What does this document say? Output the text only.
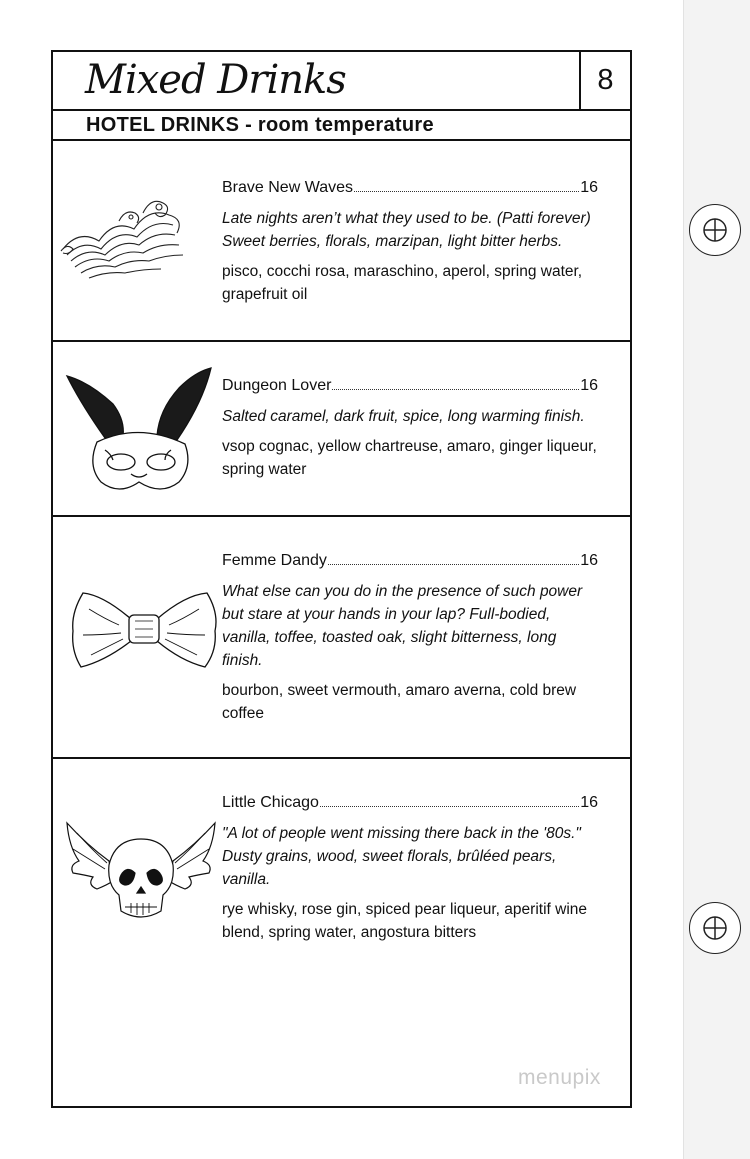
Mixed Drinks	8
HOTEL DRINKS - room temperature
Brave New Waves	16
Late nights aren’t what they used to be. (Patti forever) Sweet berries, florals, marzipan, light bitter herbs.
pisco, cocchi rosa, maraschino, aperol, spring water, grapefruit oil
Dungeon Lover	16
Salted caramel, dark fruit, spice, long warming finish.
vsop cognac, yellow chartreuse, amaro, ginger liqueur, spring water
Femme Dandy	16
What else can you do in the presence of such power but stare at your hands in your lap? Full-bodied, vanilla, toffee, toasted oak, slight bitterness, long finish.
bourbon, sweet vermouth, amaro averna, cold brew coffee
Little Chicago	16
"A lot of people went missing there back in the '80s." Dusty grains, wood, sweet florals, brûléed pears, vanilla.
rye whisky, rose gin, spiced pear liqueur, aperitif wine blend, spring water, angostura bitters
menupix
